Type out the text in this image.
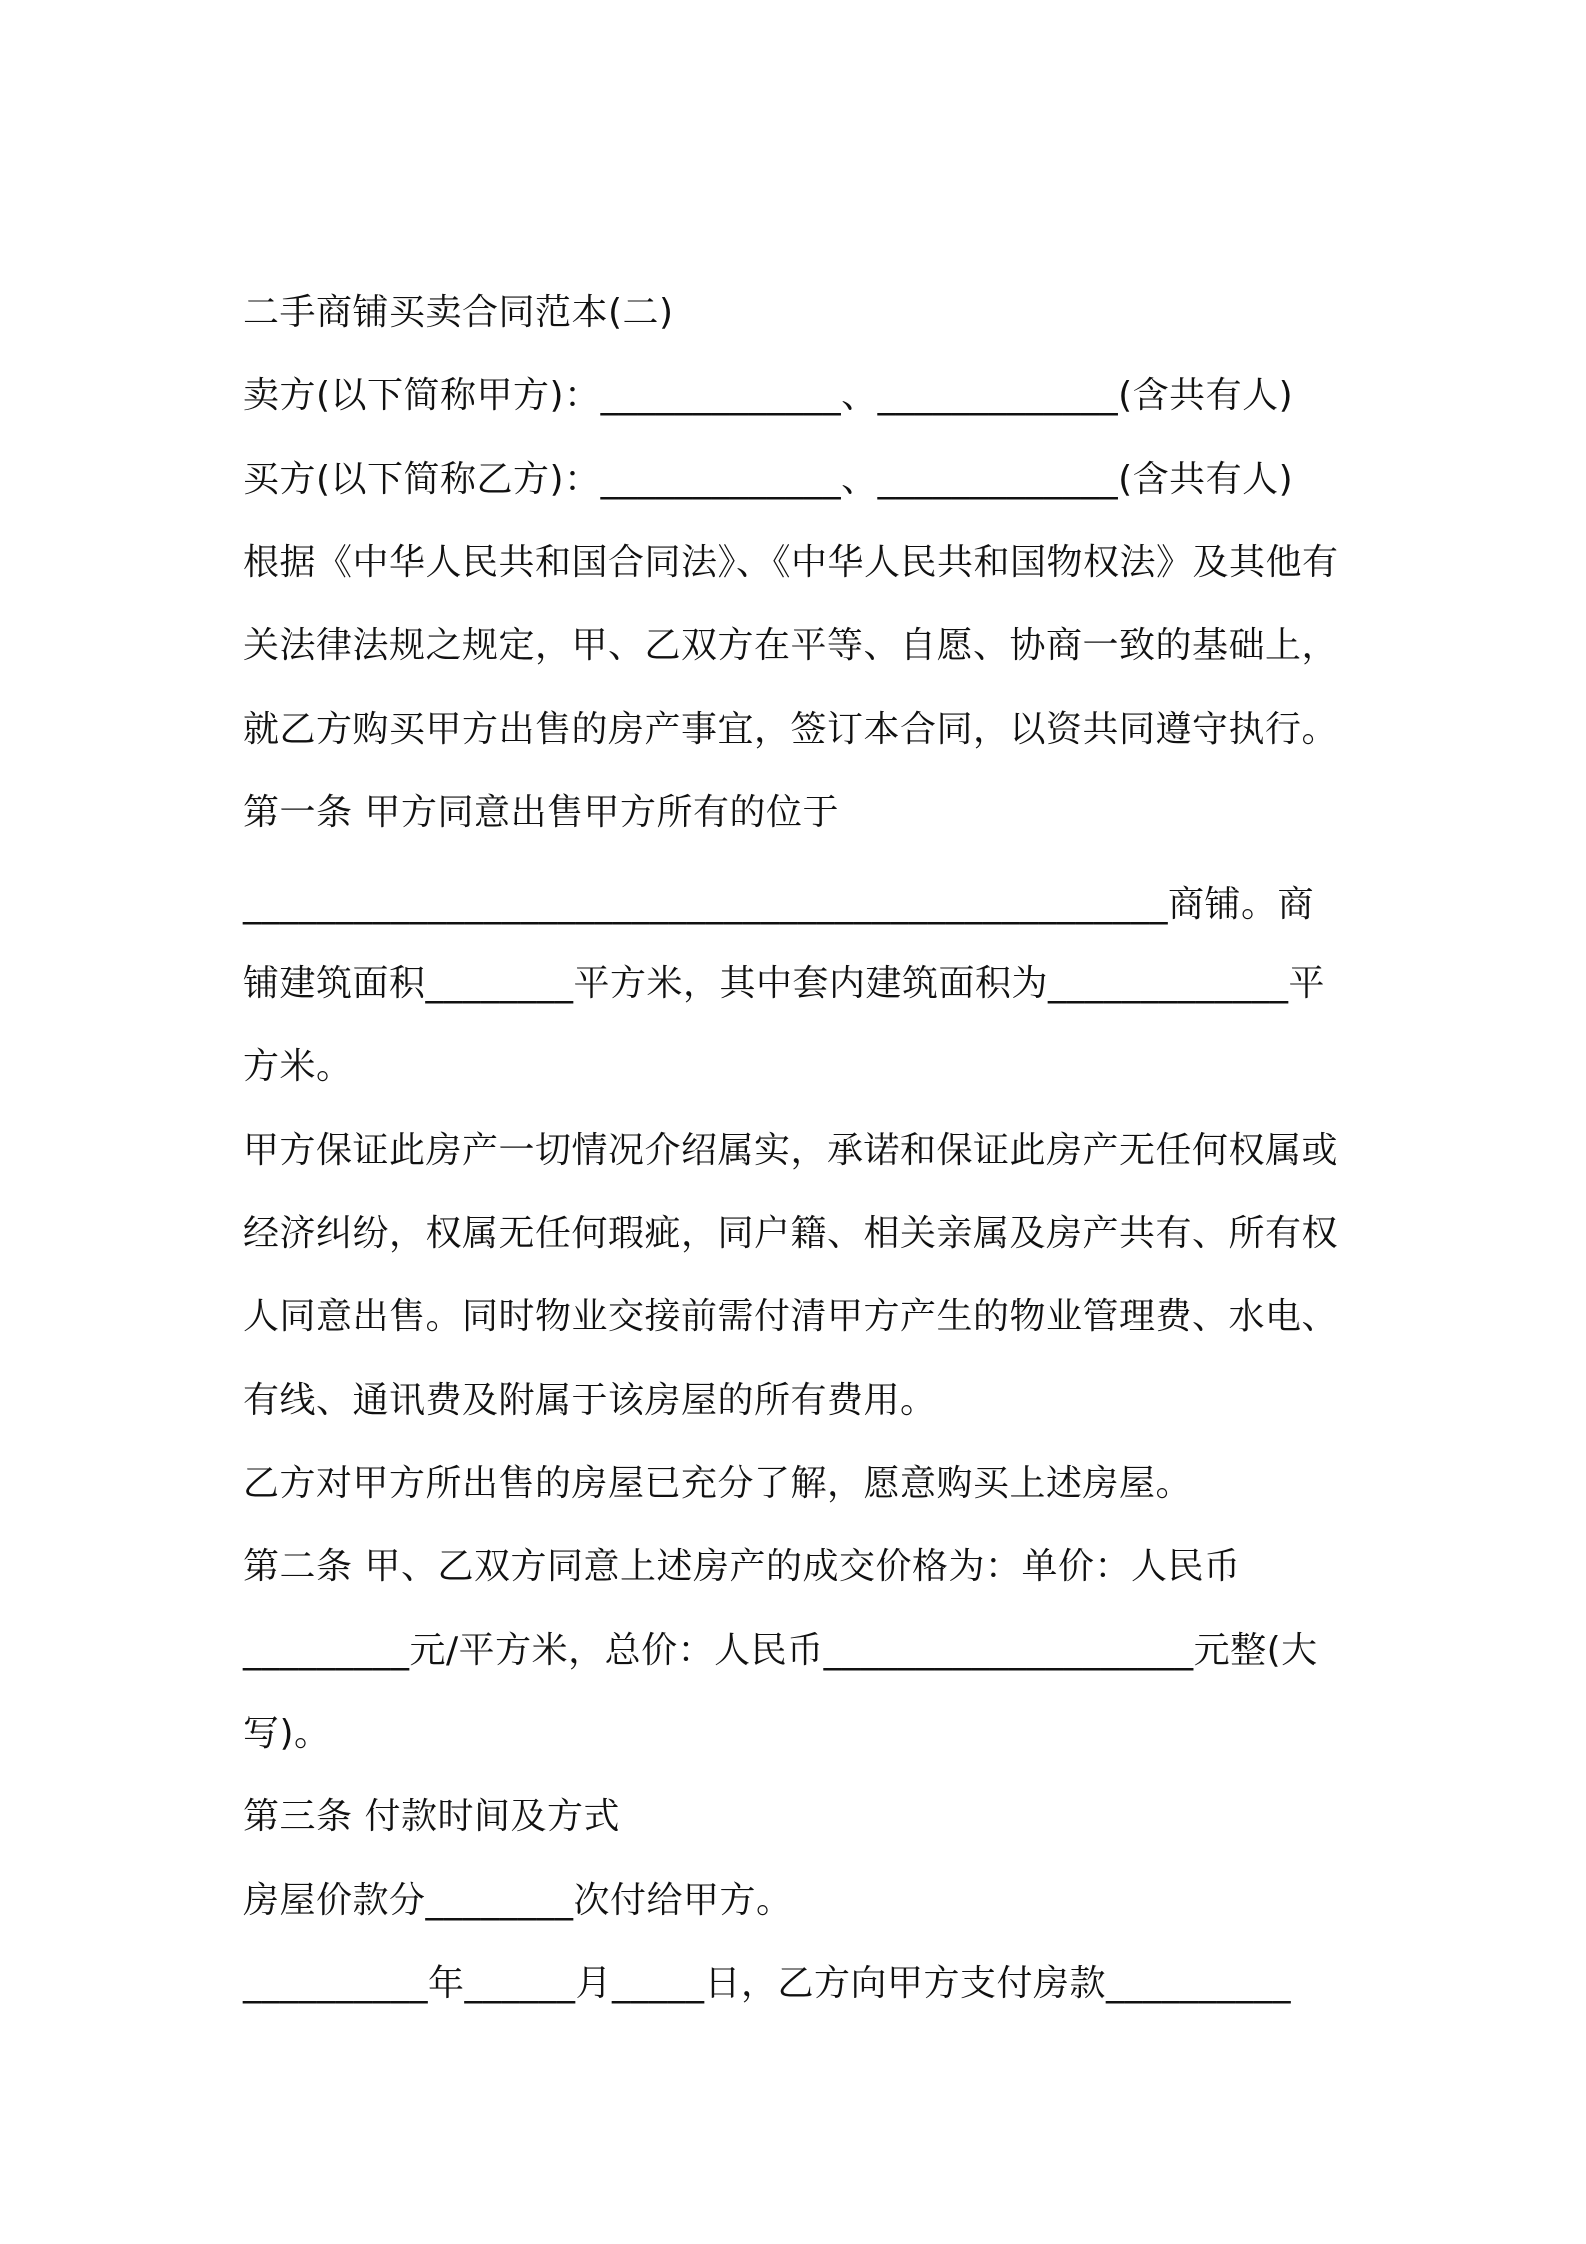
二手商铺买卖合同范本(二)
卖方(以下简称甲方)：_____________、_____________(含共有人)
买方(以下简称乙方)：_____________、_____________(含共有人)
根据《中华人民共和国合同法》、《中华人民共和国物权法》及其他有
关法律法规之规定，甲、乙双方在平等、自愿、协商一致的基础上，
就乙方购买甲方出售的房产事宜，签订本合同，以资共同遵守执行。
第一条 甲方同意出售甲方所有的位于
__________________________________________________商铺。商
铺建筑面积________平方米，其中套内建筑面积为_____________平
方米。
甲方保证此房产一切情况介绍属实，承诺和保证此房产无任何权属或
经济纠纷，权属无任何瑕疵，同户籍、相关亲属及房产共有、所有权
人同意出售。同时物业交接前需付清甲方产生的物业管理费、水电、
有线、通讯费及附属于该房屋的所有费用。
乙方对甲方所出售的房屋已充分了解，愿意购买上述房屋。
第二条 甲、乙双方同意上述房产的成交价格为：单价：人民币
_________元/平方米，总价：人民币____________________元整(大
写)。
第三条 付款时间及方式
房屋价款分________次付给甲方。
__________年______月_____日，乙方向甲方支付房款__________
